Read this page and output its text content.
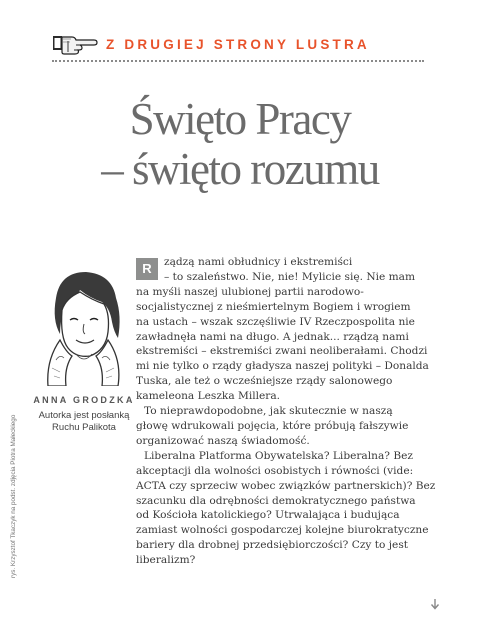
Z DRUGIEJ STRONY LUSTRA
Święto Pracy
– święto rozumu
ANNA GRODZKA
Autorka jest posłanką
Ruchu Palikota
rys. Krzysztof Tkaczyk na podst. zdjęcia Piotra Małeckiego
R	ządzą nami obłudnicy i ekstremiści
– to szaleństwo. Nie, nie! Mylicie się. Nie mam
na myśli naszej ulubionej partii narodowo-
socjalistycznej z nieśmiertelnym Bogiem i wrogiem
na ustach – wszak szczęśliwie IV Rzeczpospolita nie
zawładnęła nami na długo. A jednak... rządzą nami
ekstremiści – ekstremiści zwani neoliberałami. Chodzi
mi nie tylko o rządy gładysza naszej polityki – Donalda
Tuska, ale też o wcześniejsze rządy salonowego
kameleona Leszka Millera.
To nieprawdopodobne, jak skutecznie w naszą
głowę wdrukowali pojęcia, które próbują fałszywie
organizować naszą świadomość.
Liberalna Platforma Obywatelska? Liberalna? Bez
akceptacji dla wolności osobistych i równości (vide:
ACTA czy sprzeciw wobec związków partnerskich)? Bez
szacunku dla odrębności demokratycznego państwa
od Kościoła katolickiego? Utrwalająca i budująca
zamiast wolności gospodarczej kolejne biurokratyczne
bariery dla drobnej przedsiębiorczości? Czy to jest
liberalizm?
